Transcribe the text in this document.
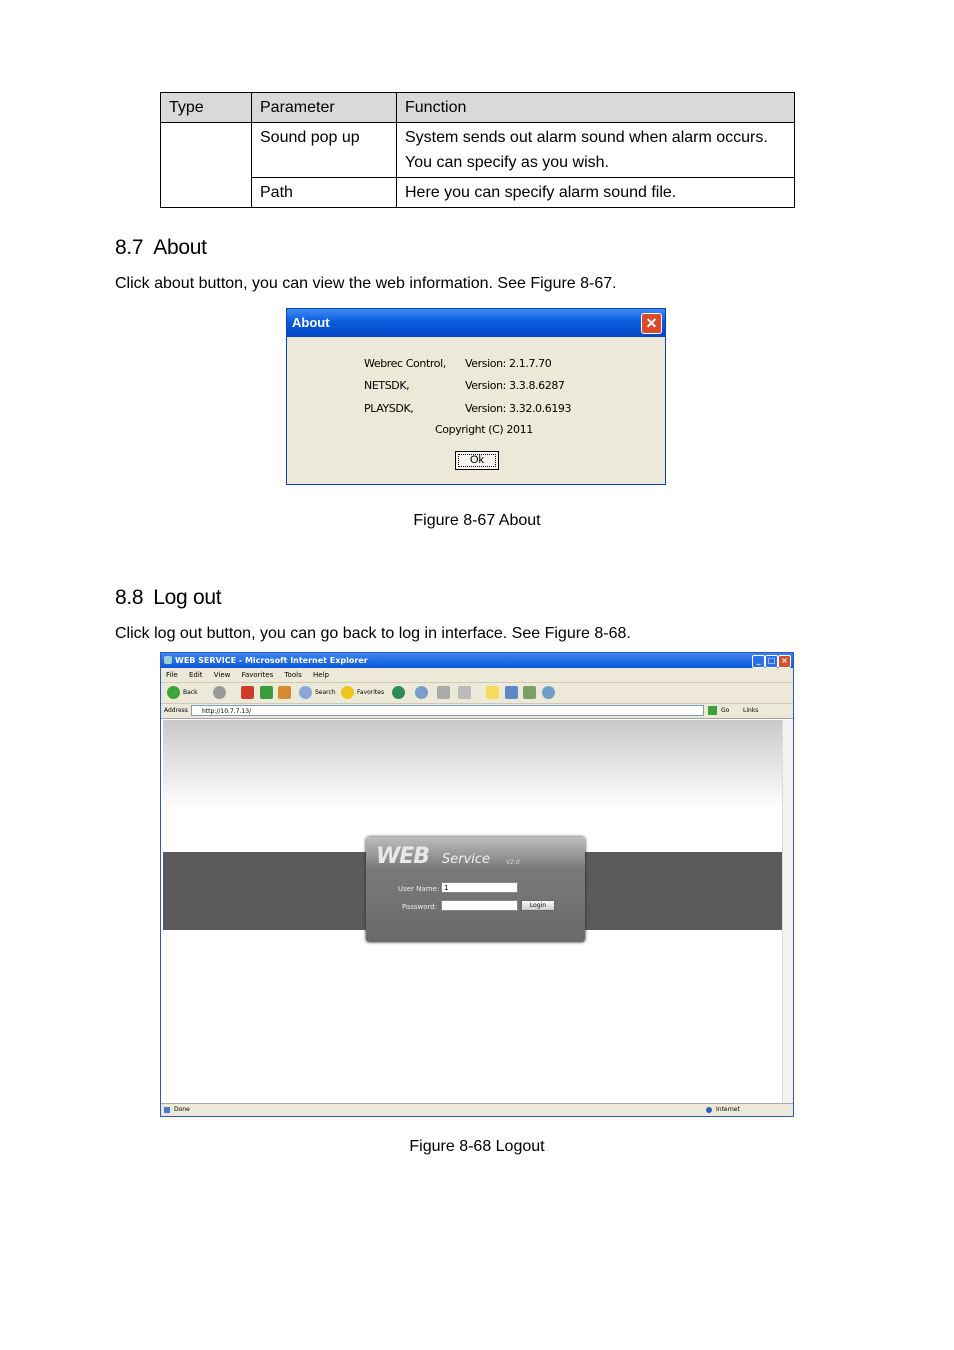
Type	Parameter	Function
	Sound pop up	System sends out alarm sound when alarm occurs.
You can specify as you wish.

	Path	Here you can specify alarm sound file.
8.7 About

Click about button, you can view the web information. See Figure 8-67.

About	✕
Webrec Control, Version: 2.1.7.70
NETSDK,	Version: 3.3.8.6287
PLAYSDK,	Version: 3.32.0.6193
Copyright (C) 2011
Ok
Figure 8-67 About
8.8 Log out

Click log out button, you can go back to log in interface. See Figure 8-68.

WEB SERVICE - Microsoft Internet Explorer	_ □ ×
File Edit View Favorites Tools Help
Back	Search	Favorites
Address	http://10.7.7.13/	Go Links
WEB Service	V2.0
User Name: 1
Password:	Login
Done	Internet
Figure 8-68 Logout
